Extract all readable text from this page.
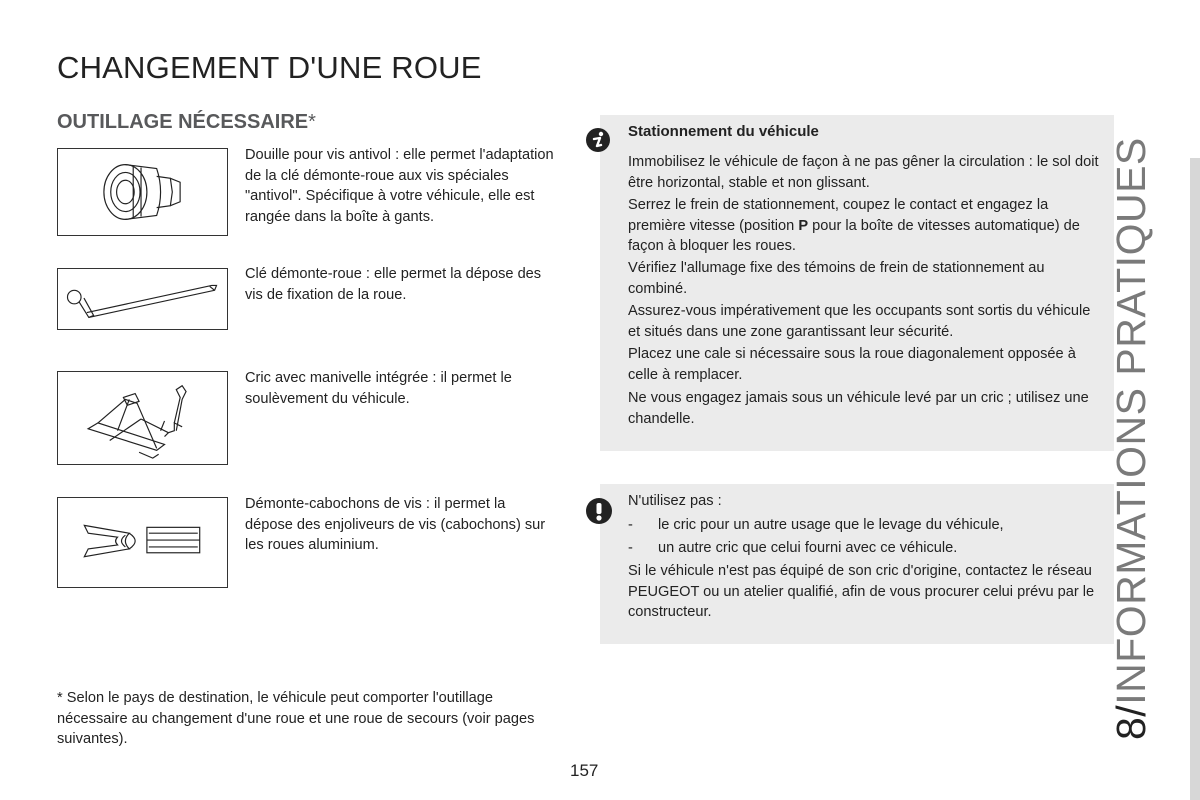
CHANGEMENT D'UNE ROUE
OUTILLAGE NÉCESSAIRE*

Douille pour vis antivol : elle permet l'adaptation de la clé démonte-roue aux vis spéciales "antivol". Spécifique à votre véhicule, elle est rangée dans la boîte à gants.

Clé démonte-roue : elle permet la dépose des vis de fixation de la roue.

Cric avec manivelle intégrée : il permet le soulèvement du véhicule.

Démonte-cabochons de vis : il permet la dépose des enjoliveurs de vis (cabochons) sur les roues aluminium.

Stationnement du véhicule

Immobilisez le véhicule de façon à ne pas gêner la circulation : le sol doit être horizontal, stable et non glissant.

Serrez le frein de stationnement, coupez le contact et engagez la première vitesse (position P pour la boîte de vitesses automatique) de façon à bloquer les roues.

Vérifiez l'allumage fixe des témoins de frein de stationnement au combiné.

Assurez-vous impérativement que les occupants sont sortis du véhicule et situés dans une zone garantissant leur sécurité.

Placez une cale si nécessaire sous la roue diagonalement opposée à celle à remplacer.

Ne vous engagez jamais sous un véhicule levé par un cric ; utilisez une chandelle.

N'utilisez pas :

- le cric pour un autre usage que le levage du véhicule,

- un autre cric que celui fourni avec ce véhicule.

Si le véhicule n'est pas équipé de son cric d'origine, contactez le réseau PEUGEOT ou un atelier qualifié, afin de vous procurer celui prévu par le constructeur.

* Selon le pays de destination, le véhicule peut comporter l'outillage nécessaire au changement d'une roue et une roue de secours (voir pages suivantes).

157

8/INFORMATIONS PRATIQUES
